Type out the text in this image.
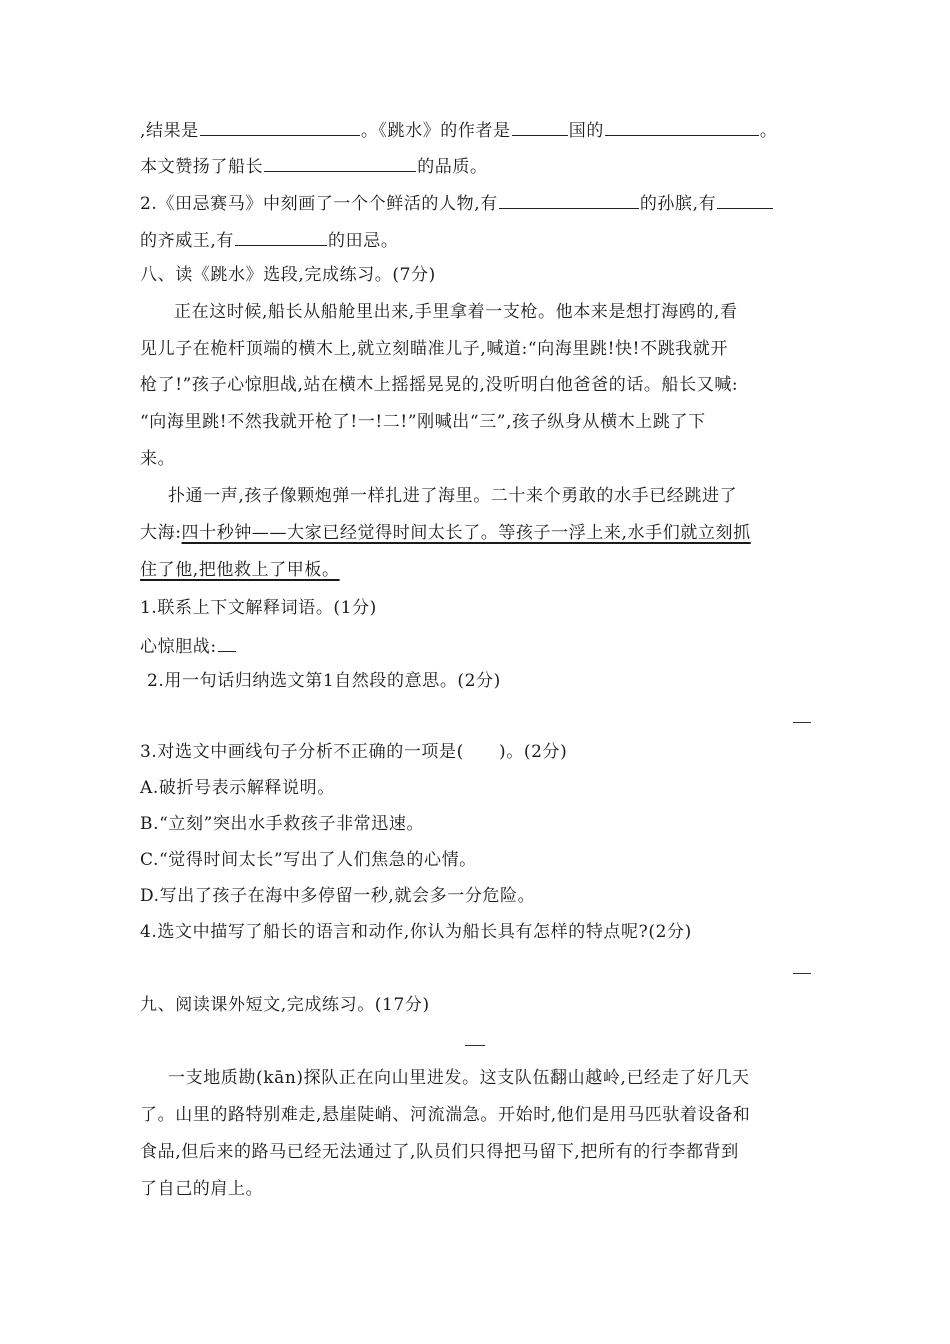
,结果是	。《跳水》的作者是	国的	。
本文赞扬了船长	的品质。
2.《田忌赛马》中刻画了一个个鲜活的人物,有	的孙膑,有
的齐威王,有	的田忌。
八、读《跳水》选段,完成练习。(7分)
正在这时候,船长从船舱里出来,手里拿着一支枪。他本来是想打海鸥的,看
见儿子在桅杆顶端的横木上,就立刻瞄准儿子,喊道:“向海里跳!快!不跳我就开
枪了!”孩子心惊胆战,站在横木上摇摇晃晃的,没听明白他爸爸的话。船长又喊:
“向海里跳!不然我就开枪了!一!二!”刚喊出“三”,孩子纵身从横木上跳了下
来。
扑通一声,孩子像颗炮弹一样扎进了海里。二十来个勇敢的水手已经跳进了
大海:四十秒钟——大家已经觉得时间太长了。等孩子一浮上来,水手们就立刻抓
住了他,把他救上了甲板。
1.联系上下文解释词语。(1分)
心惊胆战:
2.用一句话归纳选文第1自然段的意思。(2分)
3.对选文中画线句子分析不正确的一项是(　　)。(2分)
A.破折号表示解释说明。
B.“立刻”突出水手救孩子非常迅速。
C.“觉得时间太长”写出了人们焦急的心情。
D.写出了孩子在海中多停留一秒,就会多一分危险。
4.选文中描写了船长的语言和动作,你认为船长具有怎样的特点呢?(2分)
九、阅读课外短文,完成练习。(17分)
一支地质勘(kān)探队正在向山里进发。这支队伍翻山越岭,已经走了好几天
了。山里的路特别难走,悬崖陡峭、河流湍急。开始时,他们是用马匹驮着设备和
食品,但后来的路马已经无法通过了,队员们只得把马留下,把所有的行李都背到
了自己的肩上。
